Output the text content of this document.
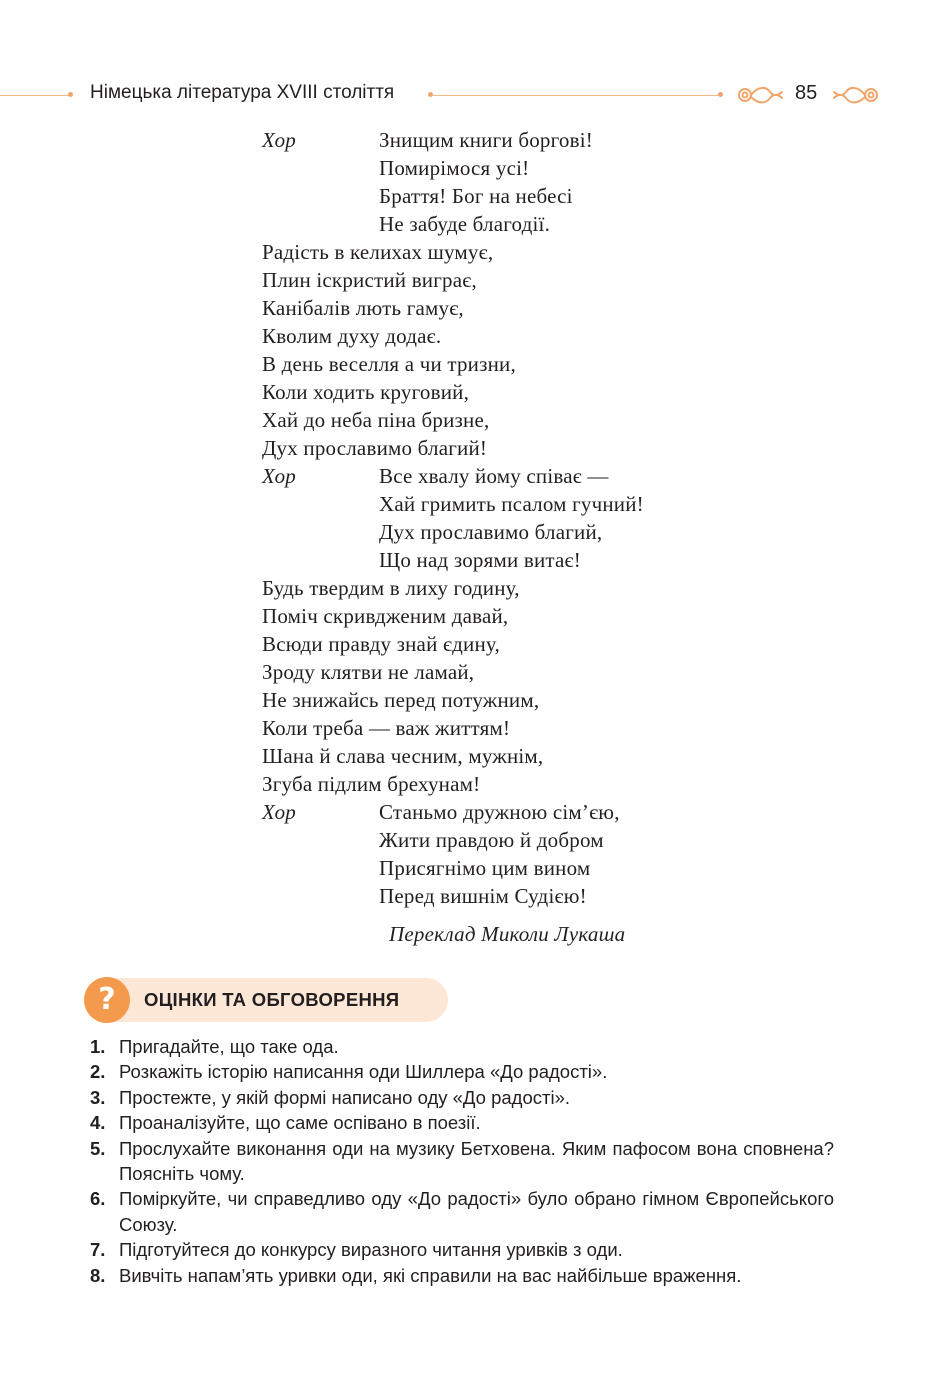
Німецька література XVIII століття	85
Хор	Знищим книги боргові!
Помирімося усі!
Браття! Бог на небесі
Не забуде благодії.
Радість в келихах шумує,
Плин іскристий виграє,
Канібалів лють гамує,
Кволим духу додає.
В день веселля а чи тризни,
Коли ходить круговий,
Хай до неба піна бризне,
Дух прославимо благий!
Хор	Все хвалу йому співає —
Хай гримить псалом гучний!
Дух прославимо благий,
Що над зорями витає!
Будь твердим в лиху годину,
Поміч скривдженим давай,
Всюди правду знай єдину,
Зроду клятви не ламай,
Не знижайсь перед потужним,
Коли треба — важ життям!
Шана й слава чесним, мужнім,
Згуба підлим брехунам!
Хор	Станьмо дружною сім’єю,
Жити правдою й добром
Присягнімо цим вином
Перед вишнім Судією!
Переклад Миколи Лукаша
?	ОЦІНКИ ТА ОБГОВОРЕННЯ
1. Пригадайте, що таке ода.
2. Розкажіть історію написання оди Шиллера «До радості».
3. Простежте, у якій формі написано оду «До радості».
4. Проаналізуйте, що саме оспівано в поезії.
5. Прослухайте виконання оди на музику Бетховена. Яким пафосом вона сповнена? Поясніть чому.
6. Поміркуйте, чи справедливо оду «До радості» було обрано гімном Європейського Союзу.
7. Підготуйтеся до конкурсу виразного читання уривків з оди.
8. Вивчіть напам’ять уривки оди, які справили на вас найбільше враження.
